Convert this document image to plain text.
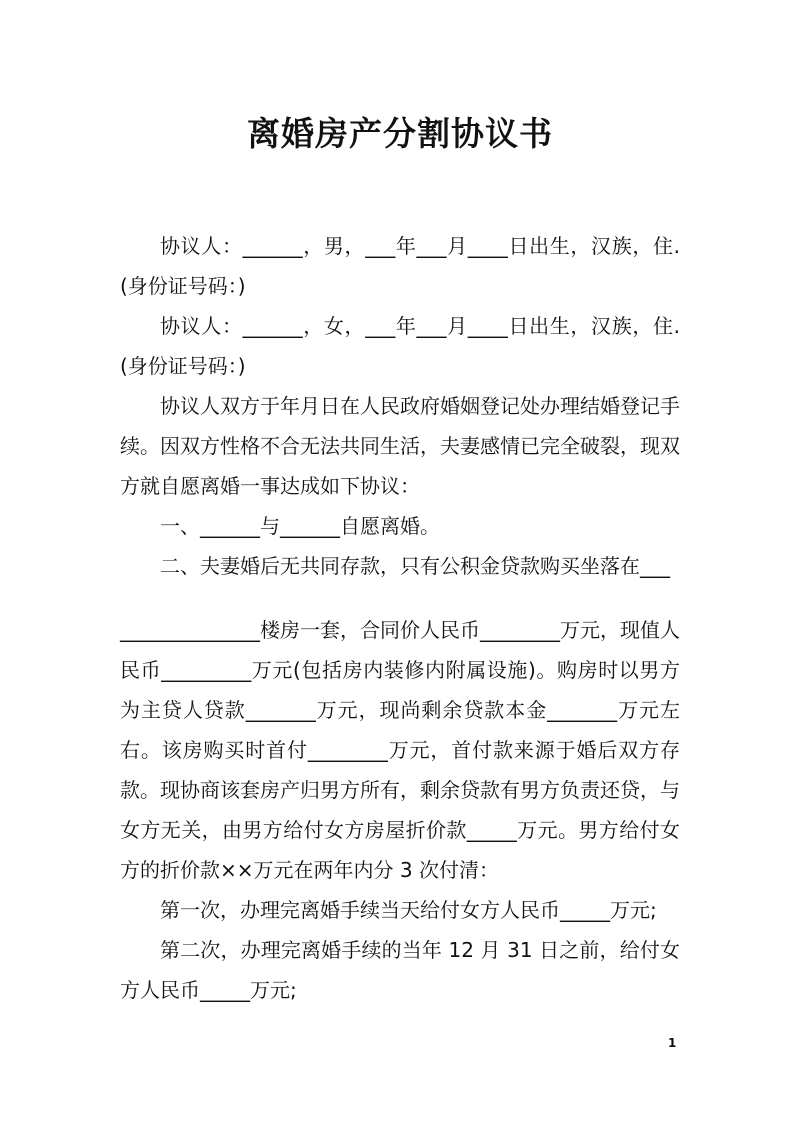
离婚房产分割协议书

协议人：______，男，___年___月____日出生，汉族，住.(身份证号码：)

协议人：______，女，___年___月____日出生，汉族，住.(身份证号码：)

协议人双方于年月日在人民政府婚姻登记处办理结婚登记手续。因双方性格不合无法共同生活，夫妻感情已完全破裂，现双方就自愿离婚一事达成如下协议：

一、______与______自愿离婚。

二、夫妻婚后无共同存款，只有公积金贷款购买坐落在___

______________楼房一套，合同价人民币________万元，现值人民币_________万元(包括房内装修内附属设施)。购房时以男方为主贷人贷款_______万元，现尚剩余贷款本金_______万元左右。该房购买时首付________万元，首付款来源于婚后双方存款。现协商该套房产归男方所有，剩余贷款有男方负责还贷，与女方无关，由男方给付女方房屋折价款_____万元。男方给付女方的折价款××万元在两年内分 3 次付清：

第一次，办理完离婚手续当天给付女方人民币_____万元;

第二次，办理完离婚手续的当年 12 月 31 日之前，给付女方人民币_____万元;

1
